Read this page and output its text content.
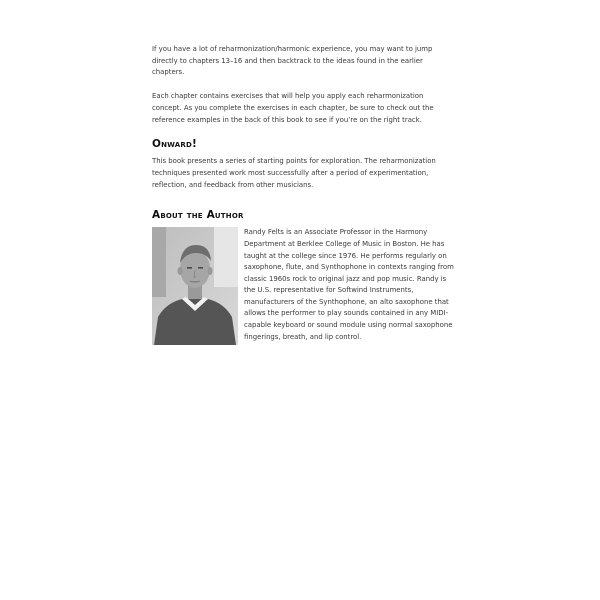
If you have a lot of reharmonization/harmonic experience, you may want to jump directly to chapters 13–16 and then backtrack to the ideas found in the earlier chapters.

Each chapter contains exercises that will help you apply each reharmonization concept. As you complete the exercises in each chapter, be sure to check out the reference examples in the back of this book to see if you’re on the right track.

Onward!

This book presents a series of starting points for exploration. The reharmonization techniques presented work most successfully after a period of experimentation, reflection, and feedback from other musicians.

About the Author
Randy Felts is an Associate Professor in the Harmony Department at Berklee College of Music in Boston. He has taught at the college since 1976. He performs regularly on saxophone, flute, and Synthophone in contexts ranging from classic 1960s rock to original jazz and pop music. Randy is the U.S. representative for Softwind Instruments, manufacturers of the Synthophone, an alto saxophone that allows the performer to play sounds contained in any MIDI-capable keyboard or sound module using normal saxophone fingerings, breath, and lip control.
